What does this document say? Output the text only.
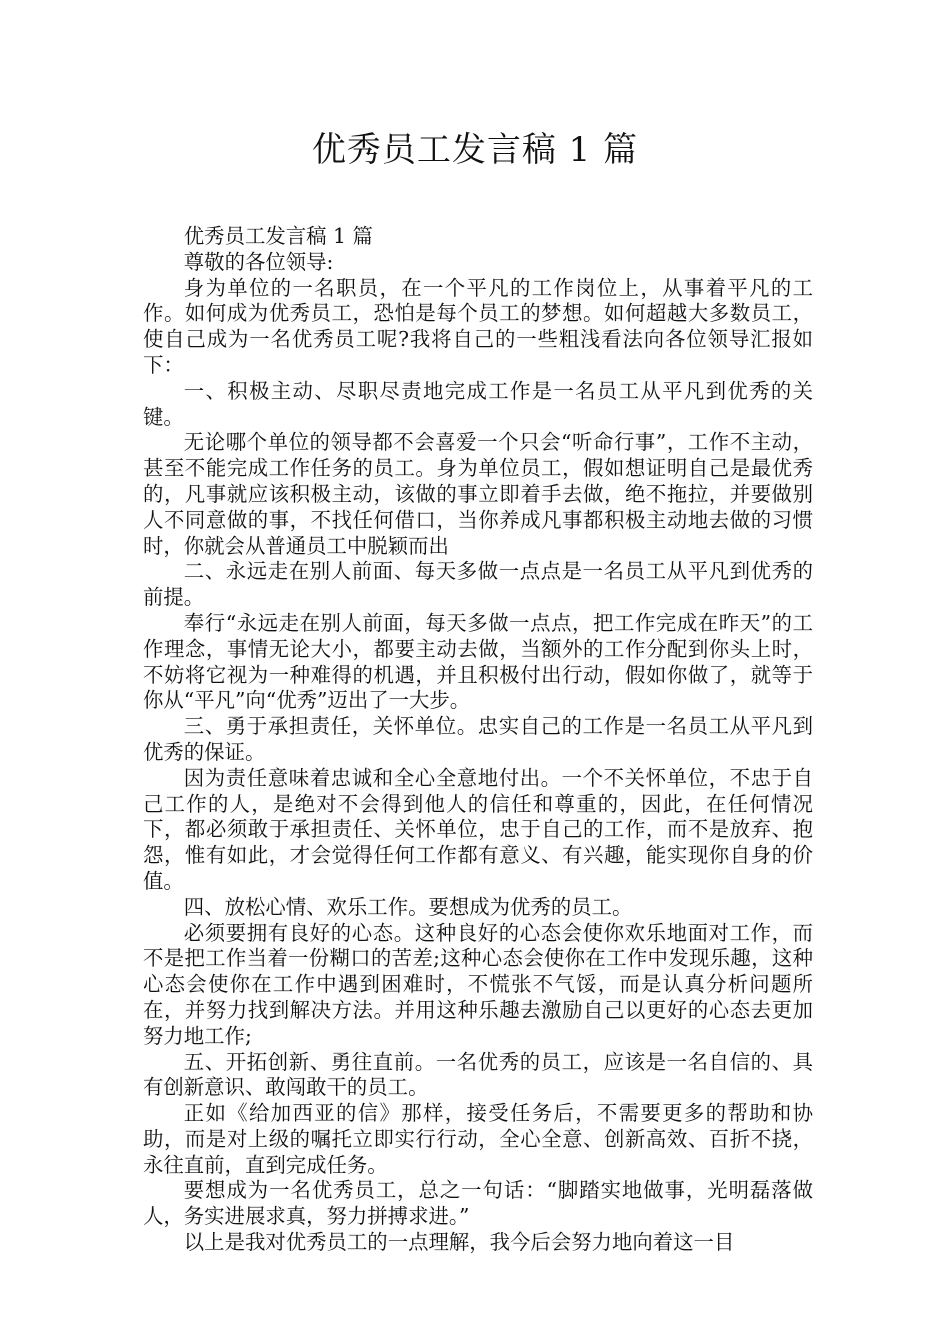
优秀员工发言稿 1 篇

优秀员工发言稿 1 篇

尊敬的各位领导:

身为单位的一名职员，在一个平凡的工作岗位上，从事着平凡的工作。如何成为优秀员工，恐怕是每个员工的梦想。如何超越大多数员工，使自己成为一名优秀员工呢?我将自己的一些粗浅看法向各位领导汇报如下：

一、积极主动、尽职尽责地完成工作是一名员工从平凡到优秀的关键。

无论哪个单位的领导都不会喜爱一个只会“听命行事”，工作不主动，甚至不能完成工作任务的员工。身为单位员工，假如想证明自己是最优秀的，凡事就应该积极主动，该做的事立即着手去做，绝不拖拉，并要做别人不同意做的事，不找任何借口，当你养成凡事都积极主动地去做的习惯时，你就会从普通员工中脱颖而出

二、永远走在别人前面、每天多做一点点是一名员工从平凡到优秀的前提。

奉行“永远走在别人前面，每天多做一点点，把工作完成在昨天”的工作理念，事情无论大小，都要主动去做，当额外的工作分配到你头上时，不妨将它视为一种难得的机遇，并且积极付出行动，假如你做了，就等于你从“平凡”向“优秀”迈出了一大步。

三、勇于承担责任，关怀单位。忠实自己的工作是一名员工从平凡到优秀的保证。

因为责任意味着忠诚和全心全意地付出。一个不关怀单位，不忠于自己工作的人，是绝对不会得到他人的信任和尊重的，因此，在任何情况下，都必须敢于承担责任、关怀单位，忠于自己的工作，而不是放弃、抱怨，惟有如此，才会觉得任何工作都有意义、有兴趣，能实现你自身的价值。

四、放松心情、欢乐工作。要想成为优秀的员工。

必须要拥有良好的心态。这种良好的心态会使你欢乐地面对工作，而不是把工作当着一份糊口的苦差;这种心态会使你在工作中发现乐趣，这种心态会使你在工作中遇到困难时，不慌张不气馁，而是认真分析问题所在，并努力找到解决方法。并用这种乐趣去激励自己以更好的心态去更加努力地工作;

五、开拓创新、勇往直前。一名优秀的员工，应该是一名自信的、具有创新意识、敢闯敢干的员工。

正如《给加西亚的信》那样，接受任务后，不需要更多的帮助和协助，而是对上级的嘱托立即实行行动，全心全意、创新高效、百折不挠，永往直前，直到完成任务。

要想成为一名优秀员工，总之一句话：“脚踏实地做事，光明磊落做人，务实进展求真，努力拼搏求进。”

以上是我对优秀员工的一点理解，我今后会努力地向着这一目
